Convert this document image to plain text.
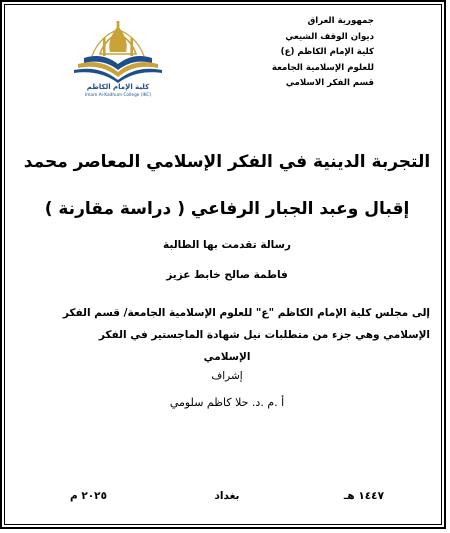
جمهورية العراق
ديوان الوقف الشيعي
كلية الإمام الكاظم (ع)
للعلوم الإسلامية الجامعة
قسم الفكر الاسلامي
كلية الإمام الكاظم
Imam Al-Kadhum College (IKC)
التجربة الدينية في الفكر الإسلامي المعاصر محمد
إقبال وعبد الجبار الرفاعي ( دراسة مقارنة )
رسالة تقدمت بها الطالبة
فاطمة صالح خابط عزيز
إلى مجلس كلية الإمام الكاظم "ع" للعلوم الإسلامية الجامعة/ قسم الفكر
الإسلامي وهي جزء من متطلبات نيل شهادة الماجستير في الفكر
الإسلامي
إشراف
أ .م .د. حلا كاظم سلومي
١٤٤٧ هـ
بغداد
٢٠٢٥ م
